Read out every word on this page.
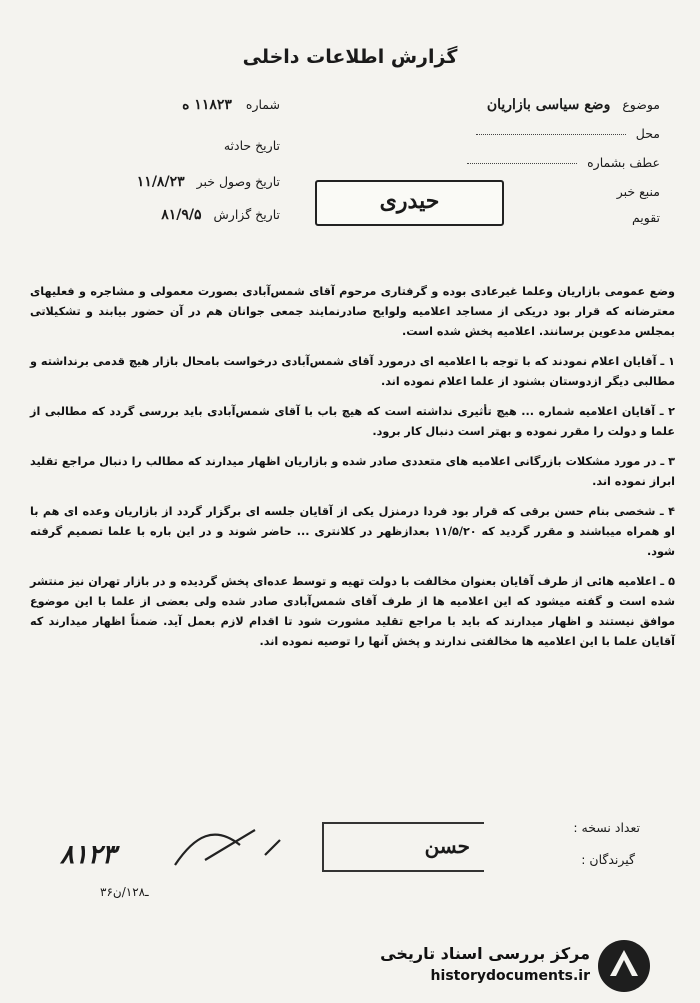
گزارش اطلاعات داخلی
موضوع وضع سیاسی بازاریان
محل
عطف بشماره
منبع خبر
تقویم
حیدری
شماره ۱۱۸۲۳ ه
تاریخ حادثه
تاریخ وصول خبر ۱۱/۸/۲۳
تاریخ گزارش ۸۱/۹/۵

وضع عمومی بازاریان وعلما غیرعادی بوده و گرفتاری مرحوم آقای شمس‌آبادی بصورت معمولی و مشاجره و فعلیهای معترضانه که قرار بود دریکی از مساجد اعلامیه ولوایح صادرنمایند جمعی جوانان هم در آن حضور بیابند و تشکیلاتی بمجلس مدعوین برسانند. اعلامیه پخش شده است.

۱ ـ آقایان اعلام نمودند که با توجه با اعلامیه ای درمورد آقای شمس‌آبادی درخواست بامحال بازار هیچ قدمی برنداشته و مطالبی دیگر ازدوستان بشنود از علما اعلام نموده اند.

۲ ـ آقایان اعلامیه شماره ... هیچ تأثیری نداشته است که هیچ باب با آقای شمس‌آبادی باید بررسی گردد که مطالبی از علما و دولت را مقرر نموده و بهتر است دنبال کار برود.

۳ ـ در مورد مشکلات بازرگانی اعلامیه های متعددی صادر شده و بازاریان اظهار میدارند که مطالب را دنبال مراجع تقلید ابراز نموده اند.

۴ ـ شخصی بنام حسن برقی که قرار بود فردا درمنزل یکی از آقایان جلسه ای برگزار گردد از بازاریان وعده ای هم با او همراه میباشند و مقرر گردید که ۱۱/۵/۲۰ بعدازظهر در کلانتری ... حاضر شوند و در این باره با علما تصمیم گرفته شود.

۵ ـ اعلامیه هائی از طرف آقایان بعنوان مخالفت با دولت تهیه و توسط عده‌ای پخش گردیده و در بازار تهران نیز منتشر شده است و گفته میشود که این اعلامیه ها از طرف آقای شمس‌آبادی صادر شده ولی بعضی از علما با این موضوع موافق نیستند و اظهار میدارند که باید با مراجع تقلید مشورت شود تا اقدام لازم بعمل آید. ضمناً اظهار میدارند که آقایان علما با این اعلامیه ها مخالفتی ندارند و پخش آنها را توصیه نموده اند.

تعداد نسخه :
گیرندگان :
حسن
۸۱۲۳
۳۶ـ۱۲۸/ن
مرکز بررسی اسناد تاریخی
historydocuments.ir
